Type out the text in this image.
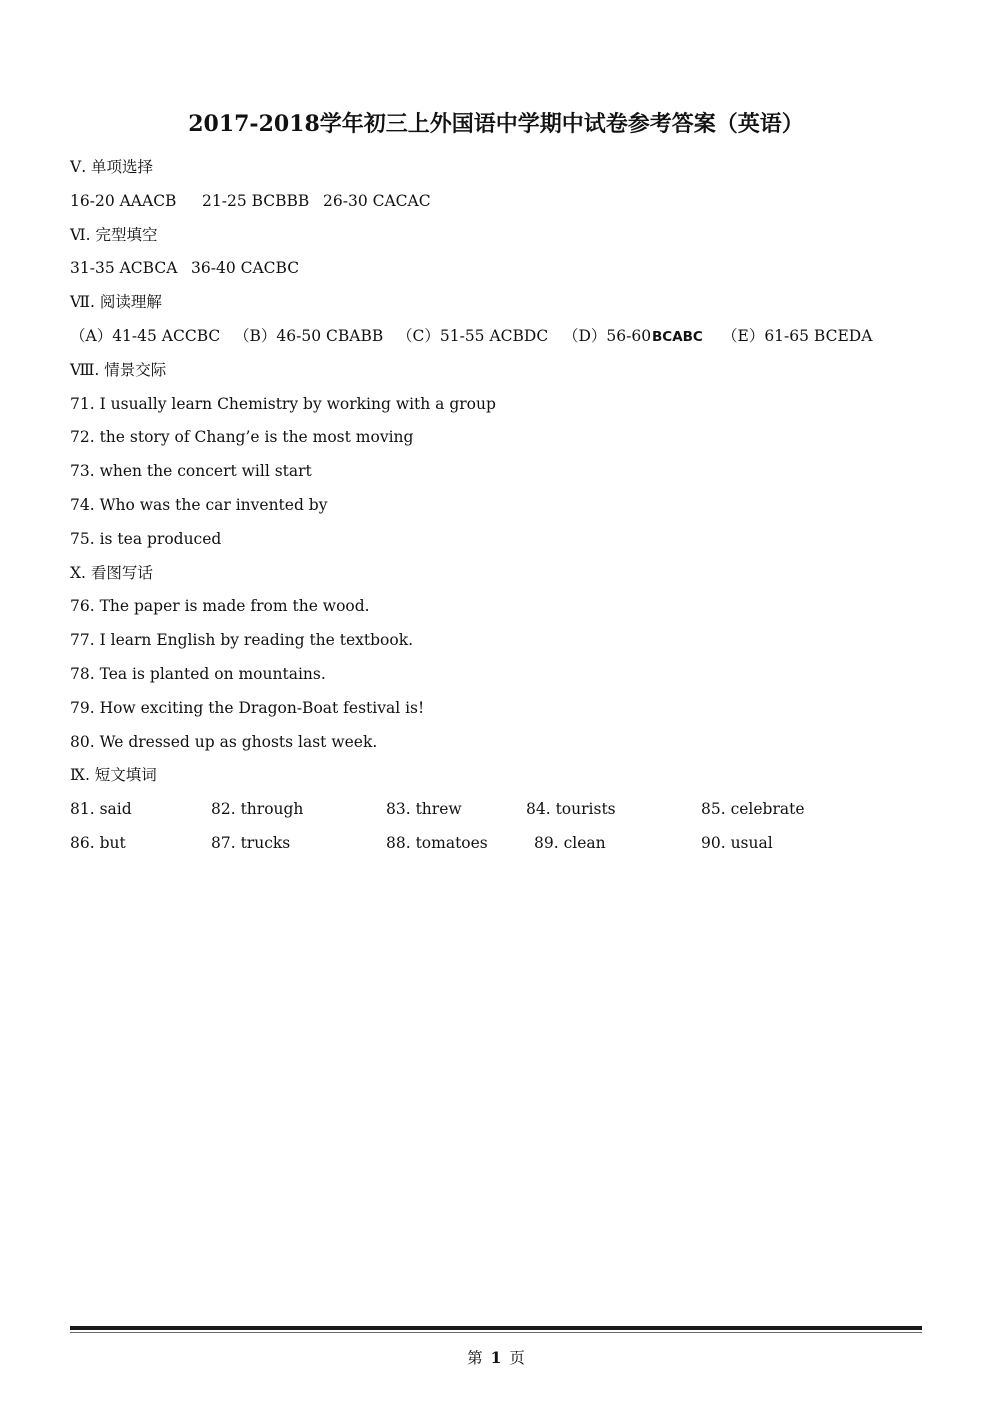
2017-2018学年初三上外国语中学期中试卷参考答案（英语）
Ⅴ. 单项选择
16-20 AAACB 21-25 BCBBB 26-30 CACAC
Ⅵ. 完型填空
31-35 ACBCA 36-40 CACBC
Ⅶ. 阅读理解
（A）41-45 ACCBC （B）46-50 CBABB （C）51-55 ACBDC （D）56-60 BCABC （E）61-65 BCEDA
Ⅷ. 情景交际
71. I usually learn Chemistry by working with a group
72. the story of Chang’e is the most moving
73. when the concert will start
74. Who was the car invented by
75. is tea produced
Ⅹ. 看图写话
76. The paper is made from the wood.
77. I learn English by reading the textbook.
78. Tea is planted on mountains.
79. How exciting the Dragon-Boat festival is!
80. We dressed up as ghosts last week.
Ⅸ. 短文填词
81. said	82. through	83. threw	84. tourists	85. celebrate
86. but	87. trucks	88. tomatoes	89. clean	90. usual
第 1 页
